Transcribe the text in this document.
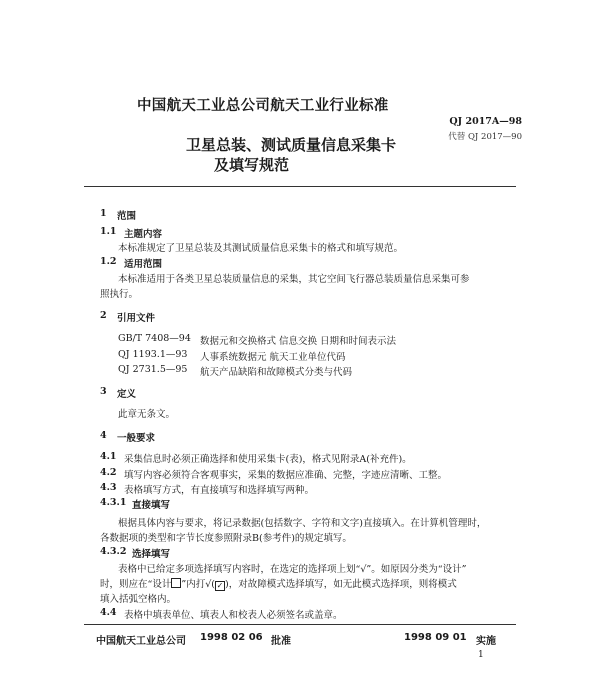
中国航天工业总公司航天工业行业标准
QJ 2017A—98
代替 QJ 2017—90
卫星总装、测试质量信息采集卡
及填写规范
1 范围
1.1 主题内容
本标准规定了卫星总装及其测试质量信息采集卡的格式和填写规范。
1.2 适用范围
本标准适用于各类卫星总装质量信息的采集，其它空间飞行器总装质量信息采集可参
照执行。
2 引用文件
GB/T 7408—94 数据元和交换格式 信息交换 日期和时间表示法
QJ 1193.1—93 人事系统数据元 航天工业单位代码
QJ 2731.5—95 航天产品缺陷和故障模式分类与代码
3 定义
此章无条文。
4 一般要求
4.1 采集信息时必须正确选择和使用采集卡(表)，格式见附录A(补充件)。
4.2 填写内容必须符合客观事实，采集的数据应准确、完整，字迹应清晰、工整。
4.3 表格填写方式，有直接填写和选择填写两种。
4.3.1 直接填写
根据具体内容与要求，将记录数据(包括数字、字符和文字)直接填入。在计算机管理时，
各数据项的类型和字节长度参照附录B(参考件)的规定填写。
4.3.2 选择填写
表格中已给定多项选择填写内容时，在选定的选择项上划“√”。如原因分类为“设计”
时，则应在“设计 ”内打√( ✓ )，对故障模式选择填写，如无此模式选择项，则将模式
填入括弧空格内。
4.4 表格中填表单位、填表人和校表人必须签名或盖章。
中国航天工业总公司 1998 02 06 批准	1998 09 01 实施
1
